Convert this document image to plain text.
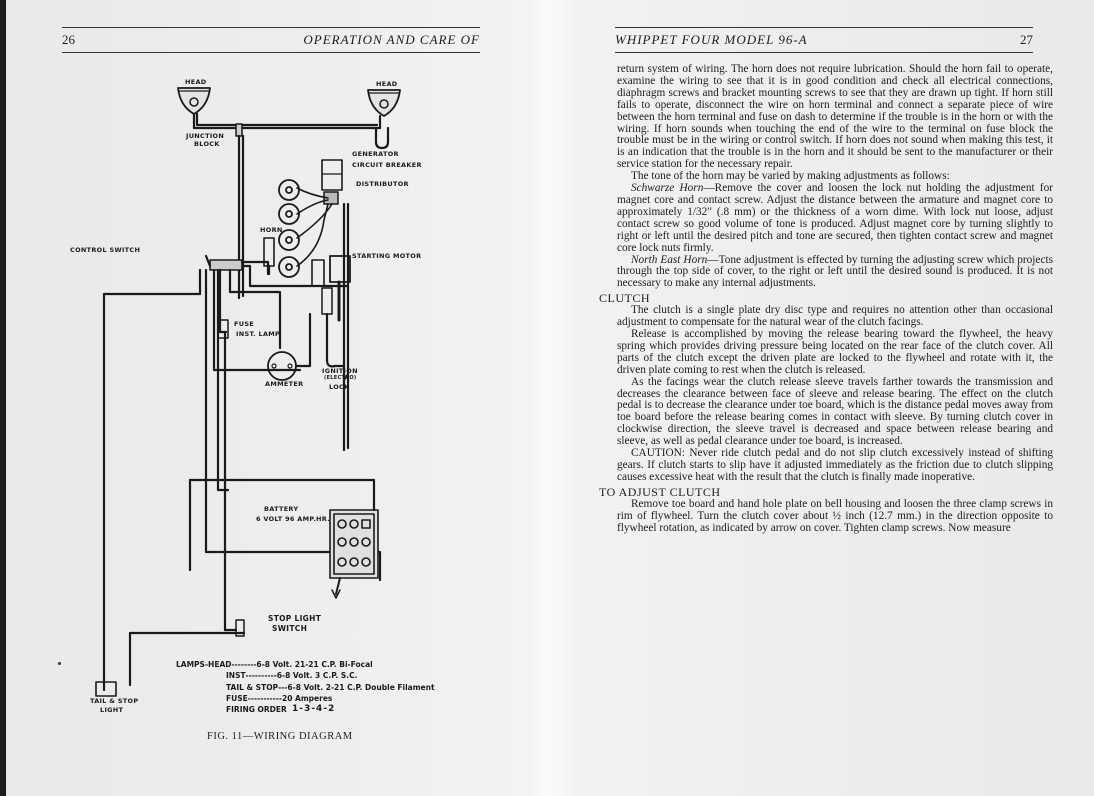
26	OPERATION AND CARE OF
HEAD	HEAD
JUNCTION
BLOCK
GENERATOR
CIRCUIT BREAKER
DISTRIBUTOR
HORN
CONTROL SWITCH
STARTING MOTOR
FUSE
INST. LAMP
AMMETER
IGNITION
(ELECTRO)
LOCK
BATTERY
6 VOLT 96 AMP.HR.
STOP LIGHT
SWITCH
TAIL & STOP
LIGHT
LAMPS-HEAD -------- 6-8 Volt. 21-21 C.P. Bi-Focal
INST ---------- 6-8 Volt. 3 C.P. S.C.
TAIL & STOP --- 6-8 Volt. 2-21 C.P. Double Filament
FUSE ----------- 20 Amperes
FIRING ORDER
1-3-4-2
FIG. 11—WIRING DIAGRAM
WHIPPET FOUR MODEL 96-A	27

return system of wiring. The horn does not require lubrication. Should the horn fail to operate, examine the wiring to see that it is in good condition and check all electrical connections, diaphragm screws and bracket mounting screws to see that they are drawn up tight. If horn still fails to operate, disconnect the wire on horn terminal and connect a separate piece of wire between the horn terminal and fuse on dash to determine if the trouble is in the horn or with the wiring. If horn sounds when touching the end of the wire to the terminal on fuse block the trouble must be in the wiring or control switch. If horn does not sound when making this test, it is an indication that the trouble is in the horn and it should be sent to the manufacturer or their service station for the necessary repair.

The tone of the horn may be varied by making adjustments as follows:

Schwarze Horn—Remove the cover and loosen the lock nut holding the adjustment for magnet core and contact screw. Adjust the distance between the armature and magnet core to approximately 1/32" (.8 mm) or the thickness of a worn dime. With lock nut loose, adjust contact screw so good volume of tone is produced. Adjust magnet core by turning slightly to right or left until the desired pitch and tone are secured, then tighten contact screw and magnet core lock nuts firmly.

North East Horn—Tone adjustment is effected by turning the adjusting screw which projects through the top side of cover, to the right or left until the desired sound is produced. It is not necessary to make any internal adjustments.

CLUTCH

The clutch is a single plate dry disc type and requires no attention other than occasional adjustment to compensate for the natural wear of the clutch facings.

Release is accomplished by moving the release bearing toward the flywheel, the heavy spring which provides driving pressure being located on the rear face of the clutch cover. All parts of the clutch except the driven plate are locked to the flywheel and rotate with it, the driven plate coming to rest when the clutch is released.

As the facings wear the clutch release sleeve travels farther towards the transmission and decreases the clearance between face of sleeve and release bearing. The effect on the clutch pedal is to decrease the clearance under toe board, which is the distance pedal moves away from toe board before the release bearing comes in contact with sleeve. By turning clutch cover in clockwise direction, the sleeve travel is decreased and space between release bearing and sleeve, as well as pedal clearance under toe board, is increased.

CAUTION: Never ride clutch pedal and do not slip clutch excessively instead of shifting gears. If clutch starts to slip have it adjusted immediately as the friction due to clutch slipping causes excessive heat with the result that the clutch is finally made inoperative.

TO ADJUST CLUTCH

Remove toe board and hand hole plate on bell housing and loosen the three clamp screws in rim of flywheel. Turn the clutch cover about ½ inch (12.7 mm.) in the direction opposite to flywheel rotation, as indicated by arrow on cover. Tighten clamp screws. Now measure
